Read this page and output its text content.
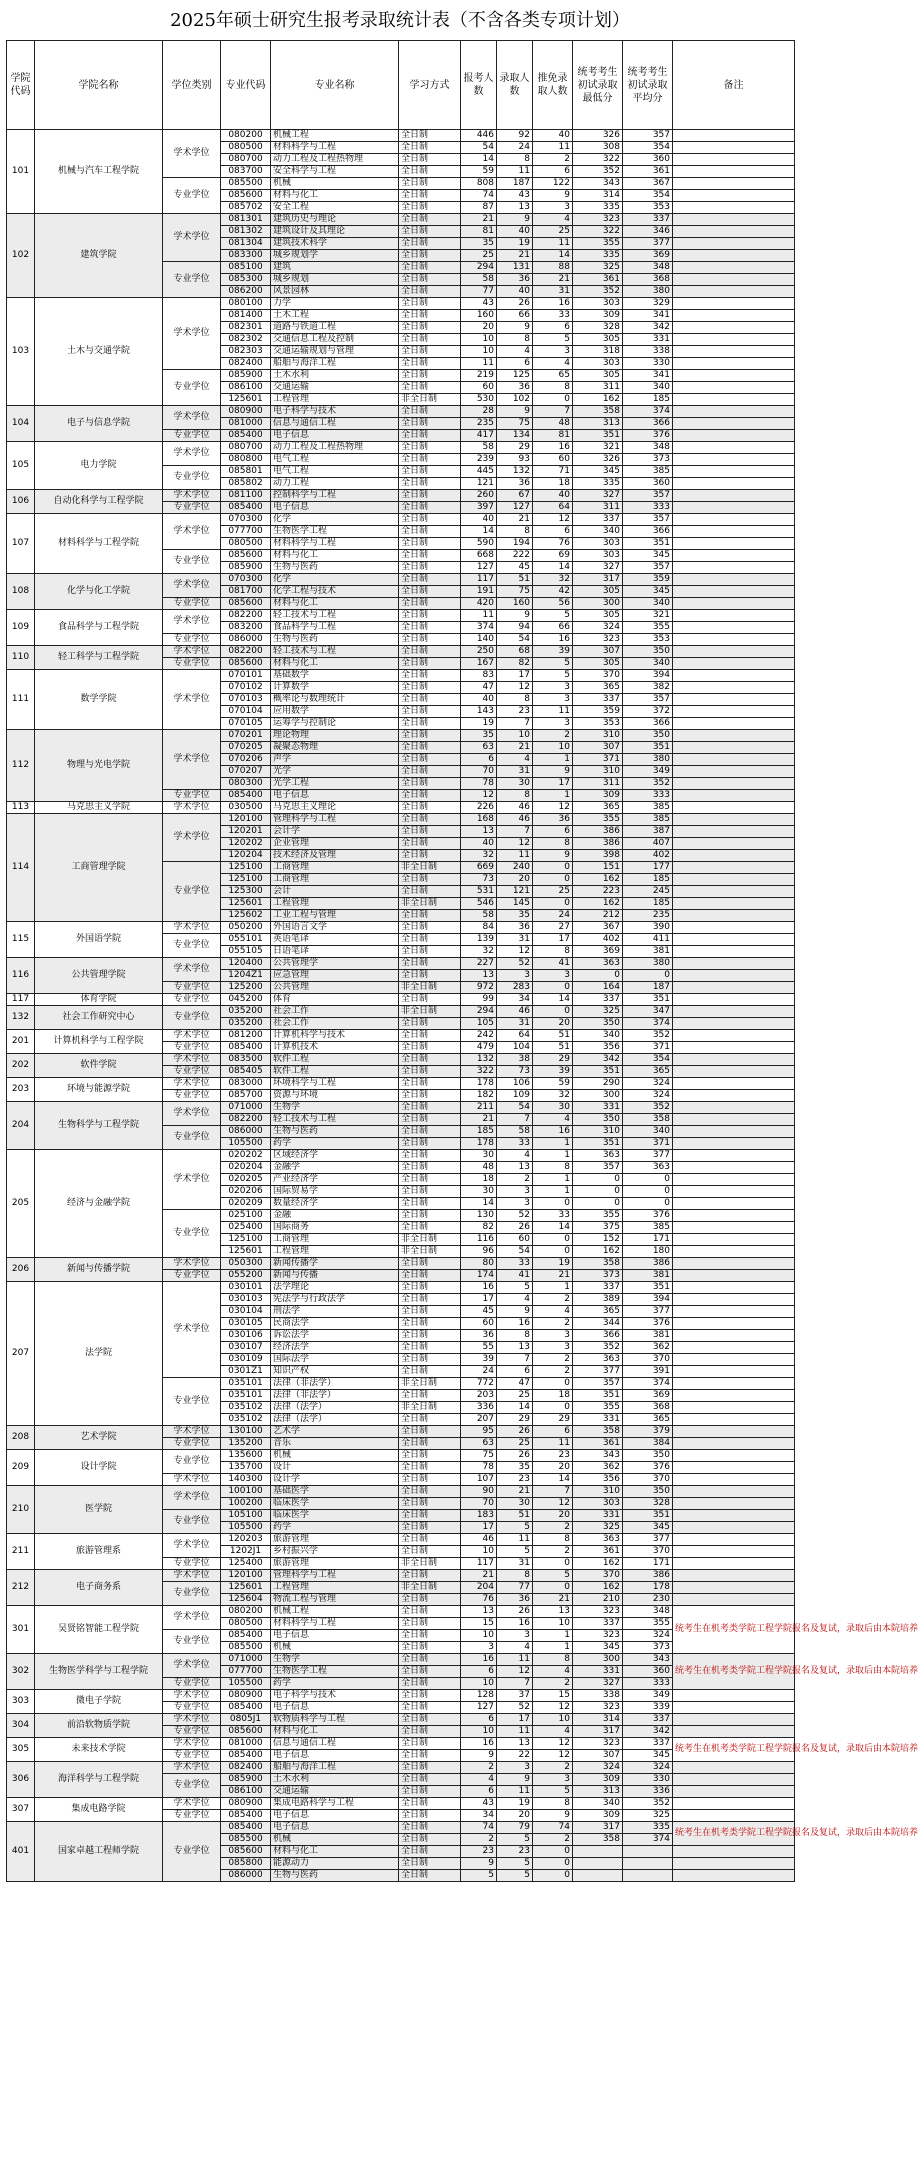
2025年硕士研究生报考录取统计表（不含各类专项计划）
学院代码	学院名称	学位类别	专业代码	专业名称	学习方式	报考人数	录取人数	推免录取人数	统考考生初试录取最低分	统考考生初试录取平均分	备注
101	机械与汽车工程学院	学术学位	080200	机械工程	全日制	446	92	40	326	357	
			080500	材料科学与工程	全日制	54	24	11	308	354	
			080700	动力工程及工程热物理	全日制	14	8	2	322	360	
			083700	安全科学与工程	全日制	59	11	6	352	361	
		专业学位	085500	机械	全日制	808	187	122	343	367	
			085600	材料与化工	全日制	74	43	9	314	354	
			085702	安全工程	全日制	87	13	3	335	353	
102	建筑学院	学术学位	081301	建筑历史与理论	全日制	21	9	4	323	337	
			081302	建筑设计及其理论	全日制	81	40	25	322	346	
			081304	建筑技术科学	全日制	35	19	11	355	377	
			083300	城乡规划学	全日制	25	21	14	335	369	
		专业学位	085100	建筑	全日制	294	131	88	325	348	
			085300	城乡规划	全日制	58	36	21	361	368	
			086200	风景园林	全日制	77	40	31	352	380	
103	土木与交通学院	学术学位	080100	力学	全日制	43	26	16	303	329	
			081400	土木工程	全日制	160	66	33	309	341	
			082301	道路与铁道工程	全日制	20	9	6	328	342	
			082302	交通信息工程及控制	全日制	10	8	5	305	331	
			082303	交通运输规划与管理	全日制	10	4	3	318	338	
			082400	船舶与海洋工程	全日制	11	6	4	303	330	
		专业学位	085900	土木水利	全日制	219	125	65	305	341	
			086100	交通运输	全日制	60	36	8	311	340	
			125601	工程管理	非全日制	530	102	0	162	185	
104	电子与信息学院	学术学位	080900	电子科学与技术	全日制	28	9	7	358	374	
			081000	信息与通信工程	全日制	235	75	48	313	366	
		专业学位	085400	电子信息	全日制	417	134	81	351	376	
105	电力学院	学术学位	080700	动力工程及工程热物理	全日制	58	29	16	321	348	
			080800	电气工程	全日制	239	93	60	326	373	
		专业学位	085801	电气工程	全日制	445	132	71	345	385	
			085802	动力工程	全日制	121	36	18	335	360	
106	自动化科学与工程学院	学术学位	081100	控制科学与工程	全日制	260	67	40	327	357	
		专业学位	085400	电子信息	全日制	397	127	64	311	333	
107	材料科学与工程学院	学术学位	070300	化学	全日制	40	21	12	337	357	
			077700	生物医学工程	全日制	14	8	6	340	366	
			080500	材料科学与工程	全日制	590	194	76	303	351	
		专业学位	085600	材料与化工	全日制	668	222	69	303	345	
			085900	生物与医药	全日制	127	45	14	327	357	
108	化学与化工学院	学术学位	070300	化学	全日制	117	51	32	317	359	
			081700	化学工程与技术	全日制	191	75	42	305	345	
		专业学位	085600	材料与化工	全日制	420	160	56	300	340	
109	食品科学与工程学院	学术学位	082200	轻工技术与工程	全日制	11	9	5	305	321	
			083200	食品科学与工程	全日制	374	94	66	324	355	
		专业学位	086000	生物与医药	全日制	140	54	16	323	353	
110	轻工科学与工程学院	学术学位	082200	轻工技术与工程	全日制	250	68	39	307	350	
		专业学位	085600	材料与化工	全日制	167	82	5	305	340	
111	数学学院	学术学位	070101	基础数学	全日制	83	17	5	370	394	
			070102	计算数学	全日制	47	12	3	365	382	
			070103	概率论与数理统计	全日制	40	8	3	337	357	
			070104	应用数学	全日制	143	23	11	359	372	
			070105	运筹学与控制论	全日制	19	7	3	353	366	
112	物理与光电学院	学术学位	070201	理论物理	全日制	35	10	2	310	350	
			070205	凝聚态物理	全日制	63	21	10	307	351	
			070206	声学	全日制	6	4	1	371	380	
			070207	光学	全日制	70	31	9	310	349	
			080300	光学工程	全日制	78	30	17	311	352	
		专业学位	085400	电子信息	全日制	12	8	1	309	333	
113	马克思主义学院	学术学位	030500	马克思主义理论	全日制	226	46	12	365	385	
114	工商管理学院	学术学位	120100	管理科学与工程	全日制	168	46	36	355	385	
			120201	会计学	全日制	13	7	6	386	387	
			120202	企业管理	全日制	40	12	8	386	407	
			120204	技术经济及管理	全日制	32	11	9	398	402	
		专业学位	125100	工商管理	非全日制	669	240	0	151	177	
			125100	工商管理	全日制	73	20	0	162	185	
			125300	会计	全日制	531	121	25	223	245	
			125601	工程管理	非全日制	546	145	0	162	185	
			125602	工业工程与管理	全日制	58	35	24	212	235	
115	外国语学院	学术学位	050200	外国语言文学	全日制	84	36	27	367	390	
		专业学位	055101	英语笔译	全日制	139	31	17	402	411	
			055105	日语笔译	全日制	32	12	8	369	381	
116	公共管理学院	学术学位	120400	公共管理学	全日制	227	52	41	363	380	
			1204Z1	应急管理	全日制	13	3	3	0	0	
		专业学位	125200	公共管理	非全日制	972	283	0	164	187	
117	体育学院	专业学位	045200	体育	全日制	99	34	14	337	351	
132	社会工作研究中心	专业学位	035200	社会工作	非全日制	294	46	0	325	347	
			035200	社会工作	全日制	105	31	20	350	374	
201	计算机科学与工程学院	学术学位	081200	计算机科学与技术	全日制	242	64	51	340	352	
		专业学位	085400	计算机技术	全日制	479	104	51	356	371	
202	软件学院	学术学位	083500	软件工程	全日制	132	38	29	342	354	
		专业学位	085405	软件工程	全日制	322	73	39	351	365	
203	环境与能源学院	学术学位	083000	环境科学与工程	全日制	178	106	59	290	324	
		专业学位	085700	资源与环境	全日制	182	109	32	300	324	
204	生物科学与工程学院	学术学位	071000	生物学	全日制	211	54	30	331	352	
			082200	轻工技术与工程	全日制	21	7	4	350	358	
		专业学位	086000	生物与医药	全日制	185	58	16	310	340	
			105500	药学	全日制	178	33	1	351	371	
205	经济与金融学院	学术学位	020202	区域经济学	全日制	30	4	1	363	377	
			020204	金融学	全日制	48	13	8	357	363	
			020205	产业经济学	全日制	18	2	1	0	0	
			020206	国际贸易学	全日制	30	3	1	0	0	
			020209	数量经济学	全日制	14	3	0	0	0	
		专业学位	025100	金融	全日制	130	52	33	355	376	
			025400	国际商务	全日制	82	26	14	375	385	
			125100	工商管理	非全日制	116	60	0	152	171	
			125601	工程管理	非全日制	96	54	0	162	180	
206	新闻与传播学院	学术学位	050300	新闻传播学	全日制	80	33	19	358	386	
		专业学位	055200	新闻与传播	全日制	174	41	21	373	381	
207	法学院	学术学位	030101	法学理论	全日制	16	5	1	337	351	
			030103	宪法学与行政法学	全日制	17	4	2	389	394	
			030104	刑法学	全日制	45	9	4	365	377	
			030105	民商法学	全日制	60	16	2	344	376	
			030106	诉讼法学	全日制	36	8	3	366	381	
			030107	经济法学	全日制	55	13	3	352	362	
			030109	国际法学	全日制	39	7	2	363	370	
			0301Z1	知识产权	全日制	24	6	2	377	391	
		专业学位	035101	法律（非法学）	非全日制	772	47	0	357	374	
			035101	法律（非法学）	全日制	203	25	18	351	369	
			035102	法律（法学）	非全日制	336	14	0	355	368	
			035102	法律（法学）	全日制	207	29	29	331	365	
208	艺术学院	学术学位	130100	艺术学	全日制	95	26	6	358	379	
		专业学位	135200	音乐	全日制	63	25	11	361	384	
209	设计学院	专业学位	135600	机械	全日制	75	26	23	343	350	
			135700	设计	全日制	78	35	20	362	376	
		学术学位	140300	设计学	全日制	107	23	14	356	370	
210	医学院	学术学位	100100	基础医学	全日制	90	21	7	310	350	
			100200	临床医学	全日制	70	30	12	303	328	
		专业学位	105100	临床医学	全日制	183	51	20	331	351	
			105500	药学	全日制	17	5	2	325	345	
211	旅游管理系	学术学位	120203	旅游管理	全日制	46	11	8	363	377	
			1202J1	乡村振兴学	全日制	10	5	2	361	370	
		专业学位	125400	旅游管理	非全日制	117	31	0	162	171	
212	电子商务系	学术学位	120100	管理科学与工程	全日制	21	8	5	370	386	
		专业学位	125601	工程管理	非全日制	204	77	0	162	178	
			125604	物流工程与管理	全日制	76	36	21	210	230	
301	吴贤铭智能工程学院	学术学位	080200	机械工程	全日制	13	26	13	323	348	统考生在机考类学院工程学院报名及复试，录取后由本院培养
			080500	材料科学与工程	全日制	15	16	10	337	355	
		专业学位	085400	电子信息	全日制	10	3	1	323	324	
			085500	机械	全日制	3	4	1	345	373	
302	生物医学科学与工程学院	学术学位	071000	生物学	全日制	16	11	8	300	343	统考生在机考类学院工程学院报名及复试，录取后由本院培养
			077700	生物医学工程	全日制	6	12	4	331	360	
		专业学位	105500	药学	全日制	10	7	2	327	333	
303	微电子学院	学术学位	080900	电子科学与技术	全日制	128	37	15	338	349	
		专业学位	085400	电子信息	全日制	127	52	12	323	339	
304	前沿软物质学院	学术学位	0805J1	软物质科学与工程	全日制	6	17	10	314	337	
		专业学位	085600	材料与化工	全日制	10	11	4	317	342	
305	未来技术学院	学术学位	081000	信息与通信工程	全日制	16	13	12	323	337	统考生在机考类学院工程学院报名及复试，录取后由本院培养
		专业学位	085400	电子信息	全日制	9	22	12	307	345	
306	海洋科学与工程学院	学术学位	082400	船舶与海洋工程	全日制	2	3	2	324	324	
		专业学位	085900	土木水利	全日制	4	9	3	309	330	
			086100	交通运输	全日制	6	11	5	313	336	
307	集成电路学院	学术学位	080900	集成电路科学与工程	全日制	43	19	8	340	352	
		专业学位	085400	电子信息	全日制	34	20	9	309	325	
401	国家卓越工程师学院	专业学位	085400	电子信息	全日制	74	79	74	317	335	统考生在机考类学院工程学院报名及复试，录取后由本院培养
			085500	机械	全日制	2	5	2	358	374	
			085600	材料与化工	全日制	23	23	0			
			085800	能源动力	全日制	9	5	0			
			086000	生物与医药	全日制	5	5	0			
